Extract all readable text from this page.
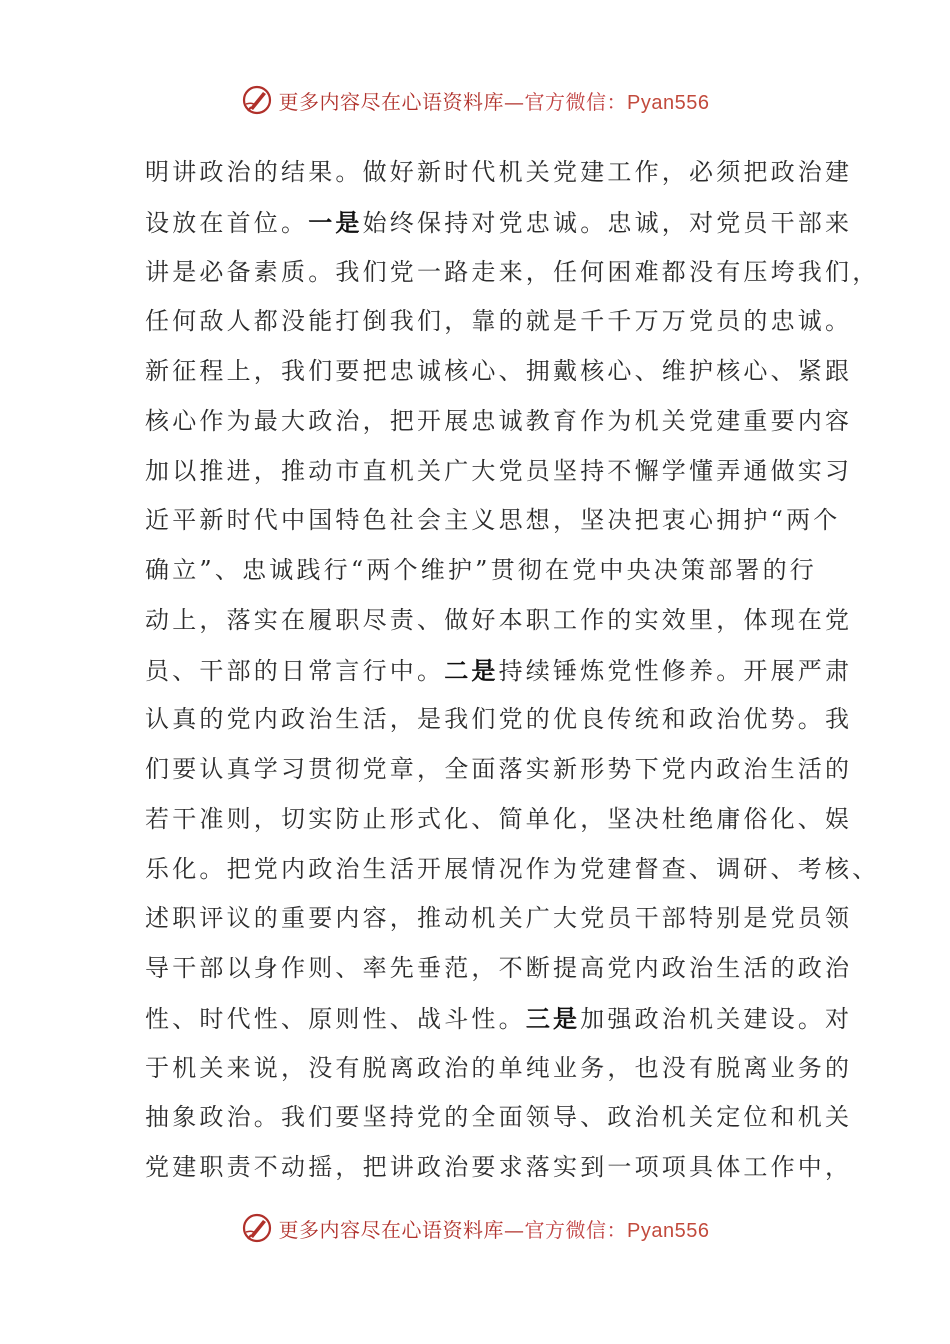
更多内容尽在心语资料库—官方微信：Pyan556
明讲政治的结果。做好新时代机关党建工作，必须把政治建
设放在首位。一是始终保持对党忠诚。忠诚，对党员干部来
讲是必备素质。我们党一路走来，任何困难都没有压垮我们，
任何敌人都没能打倒我们，靠的就是千千万万党员的忠诚。
新征程上，我们要把忠诚核心、拥戴核心、维护核心、紧跟
核心作为最大政治，把开展忠诚教育作为机关党建重要内容
加以推进，推动市直机关广大党员坚持不懈学懂弄通做实习
近平新时代中国特色社会主义思想，坚决把衷心拥护“两个
确立”、忠诚践行“两个维护”贯彻在党中央决策部署的行
动上，落实在履职尽责、做好本职工作的实效里，体现在党
员、干部的日常言行中。二是持续锤炼党性修养。开展严肃
认真的党内政治生活，是我们党的优良传统和政治优势。我
们要认真学习贯彻党章，全面落实新形势下党内政治生活的
若干准则，切实防止形式化、简单化，坚决杜绝庸俗化、娱
乐化。把党内政治生活开展情况作为党建督查、调研、考核、
述职评议的重要内容，推动机关广大党员干部特别是党员领
导干部以身作则、率先垂范，不断提高党内政治生活的政治
性、时代性、原则性、战斗性。三是加强政治机关建设。对
于机关来说，没有脱离政治的单纯业务，也没有脱离业务的
抽象政治。我们要坚持党的全面领导、政治机关定位和机关
党建职责不动摇，把讲政治要求落实到一项项具体工作中，
更多内容尽在心语资料库—官方微信：Pyan556
